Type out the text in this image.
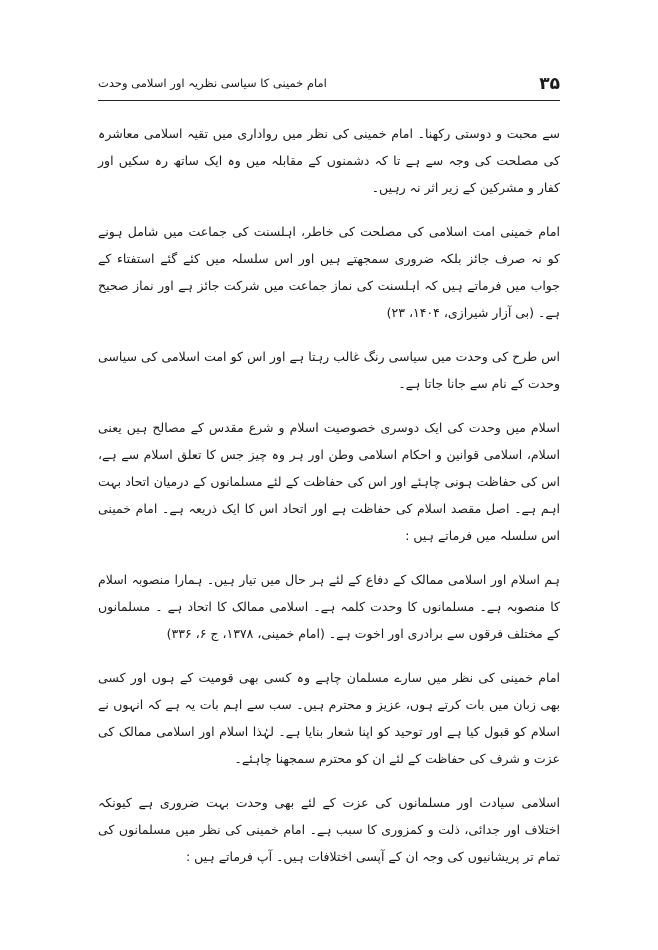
۳۵
امام خمینی کا سیاسی نظریہ اور اسلامی وحدت

سے محبت و دوستی رکھنا۔ امام خمینی کی نظر میں رواداری میں تقیہ اسلامی معاشرہ کی مصلحت کی وجہ سے ہے تا کہ دشمنوں کے مقابلہ میں وہ ایک ساتھ رہ سکیں اور کفار و مشرکین کے زیر اثر نہ رہیں۔

امام خمینی امت اسلامی کی مصلحت کی خاطر، اہلسنت کی جماعت میں شامل ہونے کو نہ صرف جائز بلکہ ضروری سمجھتے ہیں اور اس سلسلہ میں کئے گئے استفتاء کے جواب میں فرماتے ہیں کہ اہلسنت کی نماز جماعت میں شرکت جائز ہے اور نماز صحیح ہے۔ (بی آزار شیرازی، ۱۴۰۴، ۲۳)

اس طرح کی وحدت میں سیاسی رنگ غالب رہتا ہے اور اس کو امت اسلامی کی سیاسی وحدت کے نام سے جانا جاتا ہے۔

اسلام میں وحدت کی ایک دوسری خصوصیت اسلام و شرع مقدس کے مصالح ہیں یعنی اسلام، اسلامی قوانین و احکام اسلامی وطن اور ہر وہ چیز جس کا تعلق اسلام سے ہے، اس کی حفاظت ہونی چاہئے اور اس کی حفاظت کے لئے مسلمانوں کے درمیان اتحاد بہت اہم ہے۔ اصل مقصد اسلام کی حفاظت ہے اور اتحاد اس کا ایک ذریعہ ہے۔ امام خمینی اس سلسلہ میں فرماتے ہیں :

ہم اسلام اور اسلامی ممالک کے دفاع کے لئے ہر حال میں تیار ہیں۔ ہمارا منصوبہ اسلام کا منصوبہ ہے۔ مسلمانوں کا وحدت کلمہ ہے۔ اسلامی ممالک کا اتحاد ہے ۔ مسلمانوں کے مختلف فرقوں سے برادری اور اخوت ہے۔ (امام خمینی، ۱۳۷۸، ج ۶، ۳۳۶)

امام خمینی کی نظر میں سارے مسلمان چاہے وہ کسی بھی قومیت کے ہوں اور کسی بھی زبان میں بات کرتے ہوں، عزیز و محترم ہیں۔ سب سے اہم بات یہ ہے کہ انہوں نے اسلام کو قبول کیا ہے اور توحید کو اپنا شعار بنایا ہے۔ لہٰذا اسلام اور اسلامی ممالک کی عزت و شرف کی حفاظت کے لئے ان کو محترم سمجھنا چاہئے۔

اسلامی سیادت اور مسلمانوں کی عزت کے لئے بھی وحدت بہت ضروری ہے کیونکہ اختلاف اور جدائی، ذلت و کمزوری کا سبب ہے۔ امام خمینی کی نظر میں مسلمانوں کی تمام تر پریشانیوں کی وجہ ان کے آپسی اختلافات ہیں۔ آپ فرماتے ہیں :
